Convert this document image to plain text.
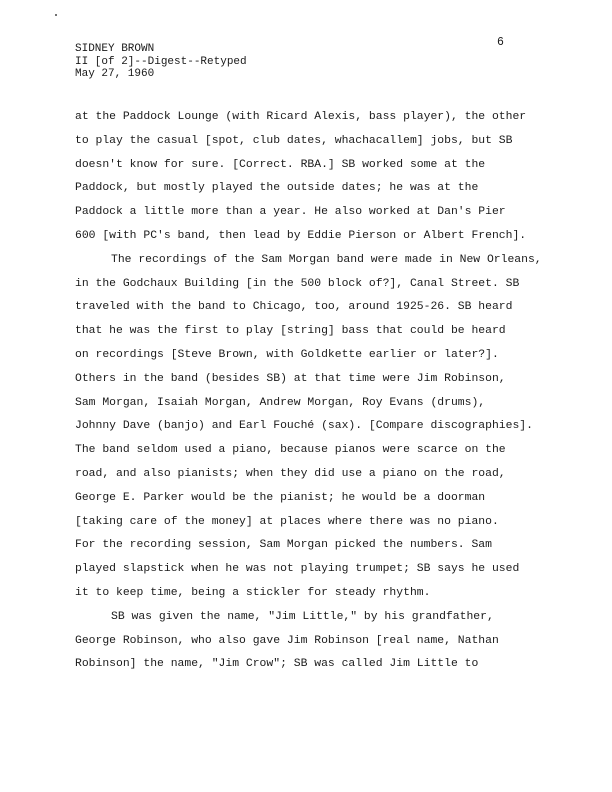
6
SIDNEY BROWN
II [of 2]--Digest--Retyped
May 27, 1960
at the Paddock Lounge (with Ricard Alexis, bass player), the other
to play the casual [spot, club dates, whachacallem] jobs, but SB
doesn't know for sure. [Correct. RBA.] SB worked some at the
Paddock, but mostly played the outside dates; he was at the
Paddock a little more than a year. He also worked at Dan's Pier
600 [with PC's band, then lead by Eddie Pierson or Albert French].
The recordings of the Sam Morgan band were made in New Orleans,
in the Godchaux Building [in the 500 block of?], Canal Street. SB
traveled with the band to Chicago, too, around 1925-26. SB heard
that he was the first to play [string] bass that could be heard
on recordings [Steve Brown, with Goldkette earlier or later?].
Others in the band (besides SB) at that time were Jim Robinson,
Sam Morgan, Isaiah Morgan, Andrew Morgan, Roy Evans (drums),
Johnny Dave (banjo) and Earl Fouché (sax). [Compare discographies].
The band seldom used a piano, because pianos were scarce on the
road, and also pianists; when they did use a piano on the road,
George E. Parker would be the pianist; he would be a doorman
[taking care of the money] at places where there was no piano.
For the recording session, Sam Morgan picked the numbers. Sam
played slapstick when he was not playing trumpet; SB says he used
it to keep time, being a stickler for steady rhythm.
SB was given the name, "Jim Little," by his grandfather,
George Robinson, who also gave Jim Robinson [real name, Nathan
Robinson] the name, "Jim Crow"; SB was called Jim Little to
